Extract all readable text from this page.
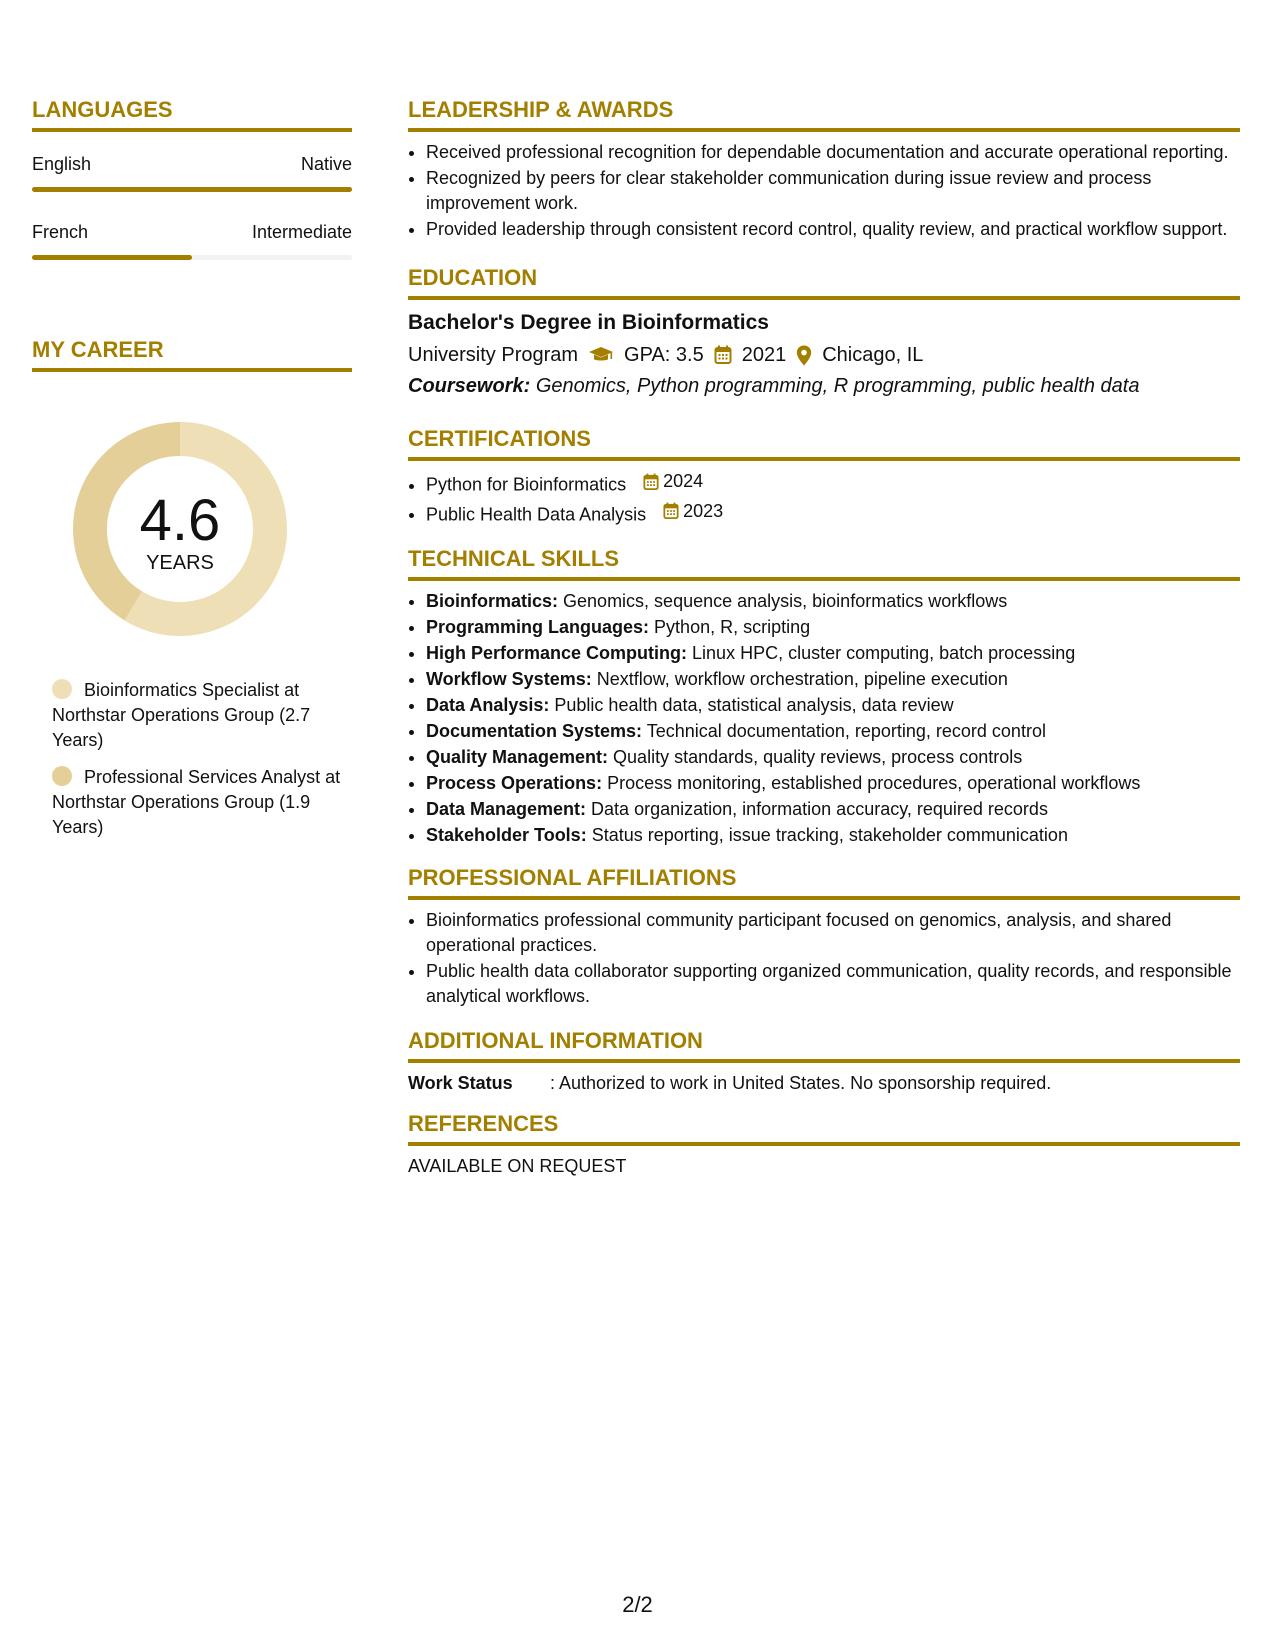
LANGUAGES
English	Native
French	Intermediate
MY CAREER
4.6
YEARS
Bioinformatics Specialist at Northstar Operations Group (2.7 Years)
Professional Services Analyst at Northstar Operations Group (1.9 Years)
LEADERSHIP & AWARDS
• Received professional recognition for dependable documentation and accurate operational reporting.
• Recognized by peers for clear stakeholder communication during issue review and process improvement work.
• Provided leadership through consistent record control, quality review, and practical workflow support.
EDUCATION
Bachelor's Degree in Bioinformatics
University Program GPA: 3.5 2021 Chicago, IL
Coursework: Genomics, Python programming, R programming, public health data
CERTIFICATIONS
• Python for Bioinformatics 2024
• Public Health Data Analysis 2023
TECHNICAL SKILLS
• Bioinformatics: Genomics, sequence analysis, bioinformatics workflows
• Programming Languages: Python, R, scripting
• High Performance Computing: Linux HPC, cluster computing, batch processing
• Workflow Systems: Nextflow, workflow orchestration, pipeline execution
• Data Analysis: Public health data, statistical analysis, data review
• Documentation Systems: Technical documentation, reporting, record control
• Quality Management: Quality standards, quality reviews, process controls
• Process Operations: Process monitoring, established procedures, operational workflows
• Data Management: Data organization, information accuracy, required records
• Stakeholder Tools: Status reporting, issue tracking, stakeholder communication
PROFESSIONAL AFFILIATIONS
• Bioinformatics professional community participant focused on genomics, analysis, and shared operational practices.
• Public health data collaborator supporting organized communication, quality records, and responsible analytical workflows.
ADDITIONAL INFORMATION
Work Status	: Authorized to work in United States. No sponsorship required.
REFERENCES
AVAILABLE ON REQUEST
2/2
